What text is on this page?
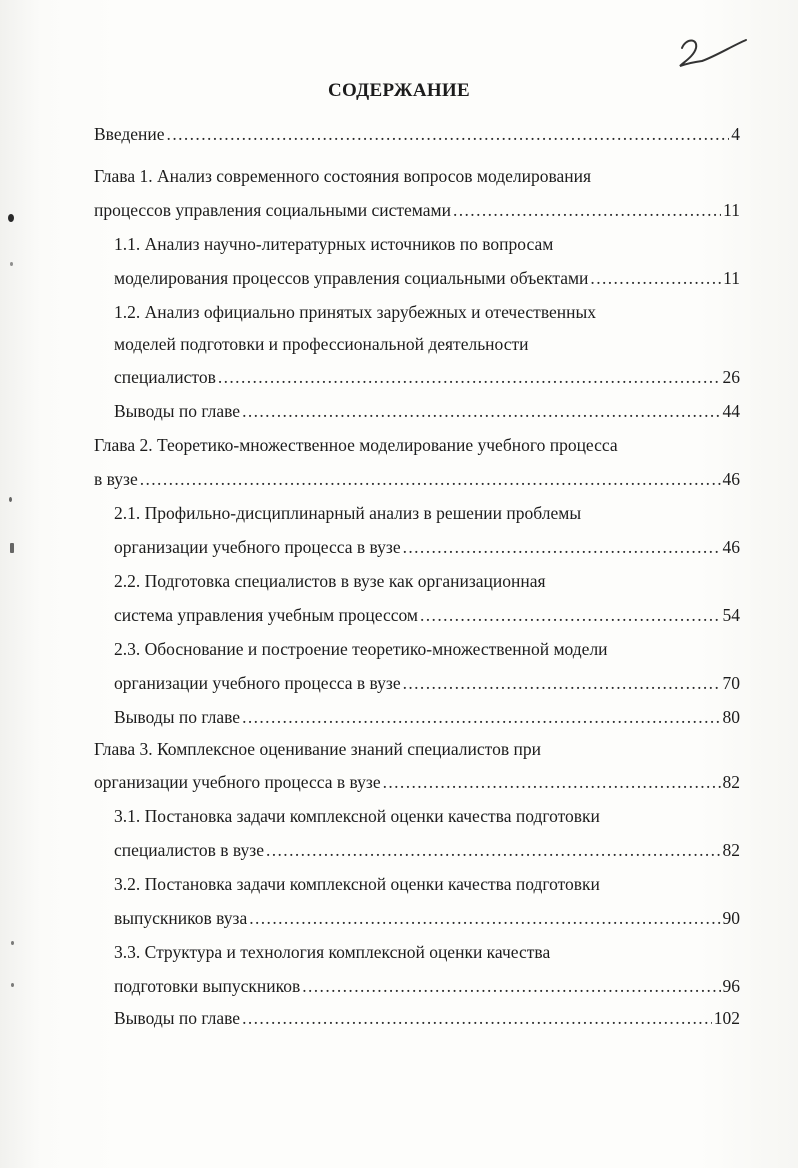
2
СОДЕРЖАНИЕ
Введение .....	4
Глава 1. Анализ современного состояния вопросов моделирования
процессов управления социальными системами .....	11
1.1. Анализ научно-литературных источников по вопросам
моделирования процессов управления социальными объектами .....	11
1.2. Анализ официально принятых зарубежных и отечественных
моделей подготовки и профессиональной деятельности
специалистов .....	26
Выводы по главе .....	44
Глава 2. Теоретико-множественное моделирование учебного процесса
в вузе .....	46
2.1. Профильно-дисциплинарный анализ в решении проблемы
организации учебного процесса в вузе .....	46
2.2. Подготовка специалистов в вузе как организационная
система управления учебным процессом .....	54
2.3. Обоснование и построение теоретико-множественной модели
организации учебного процесса в вузе .....	70
Выводы по главе .....	80
Глава 3. Комплексное оценивание знаний специалистов при
организации учебного процесса в вузе .....	82
3.1. Постановка задачи комплексной оценки качества подготовки
специалистов в вузе .....	82
3.2. Постановка задачи комплексной оценки качества подготовки
выпускников вуза .....	90
3.3. Структура и технология комплексной оценки качества
подготовки выпускников .....	96
Выводы по главе .....	102
